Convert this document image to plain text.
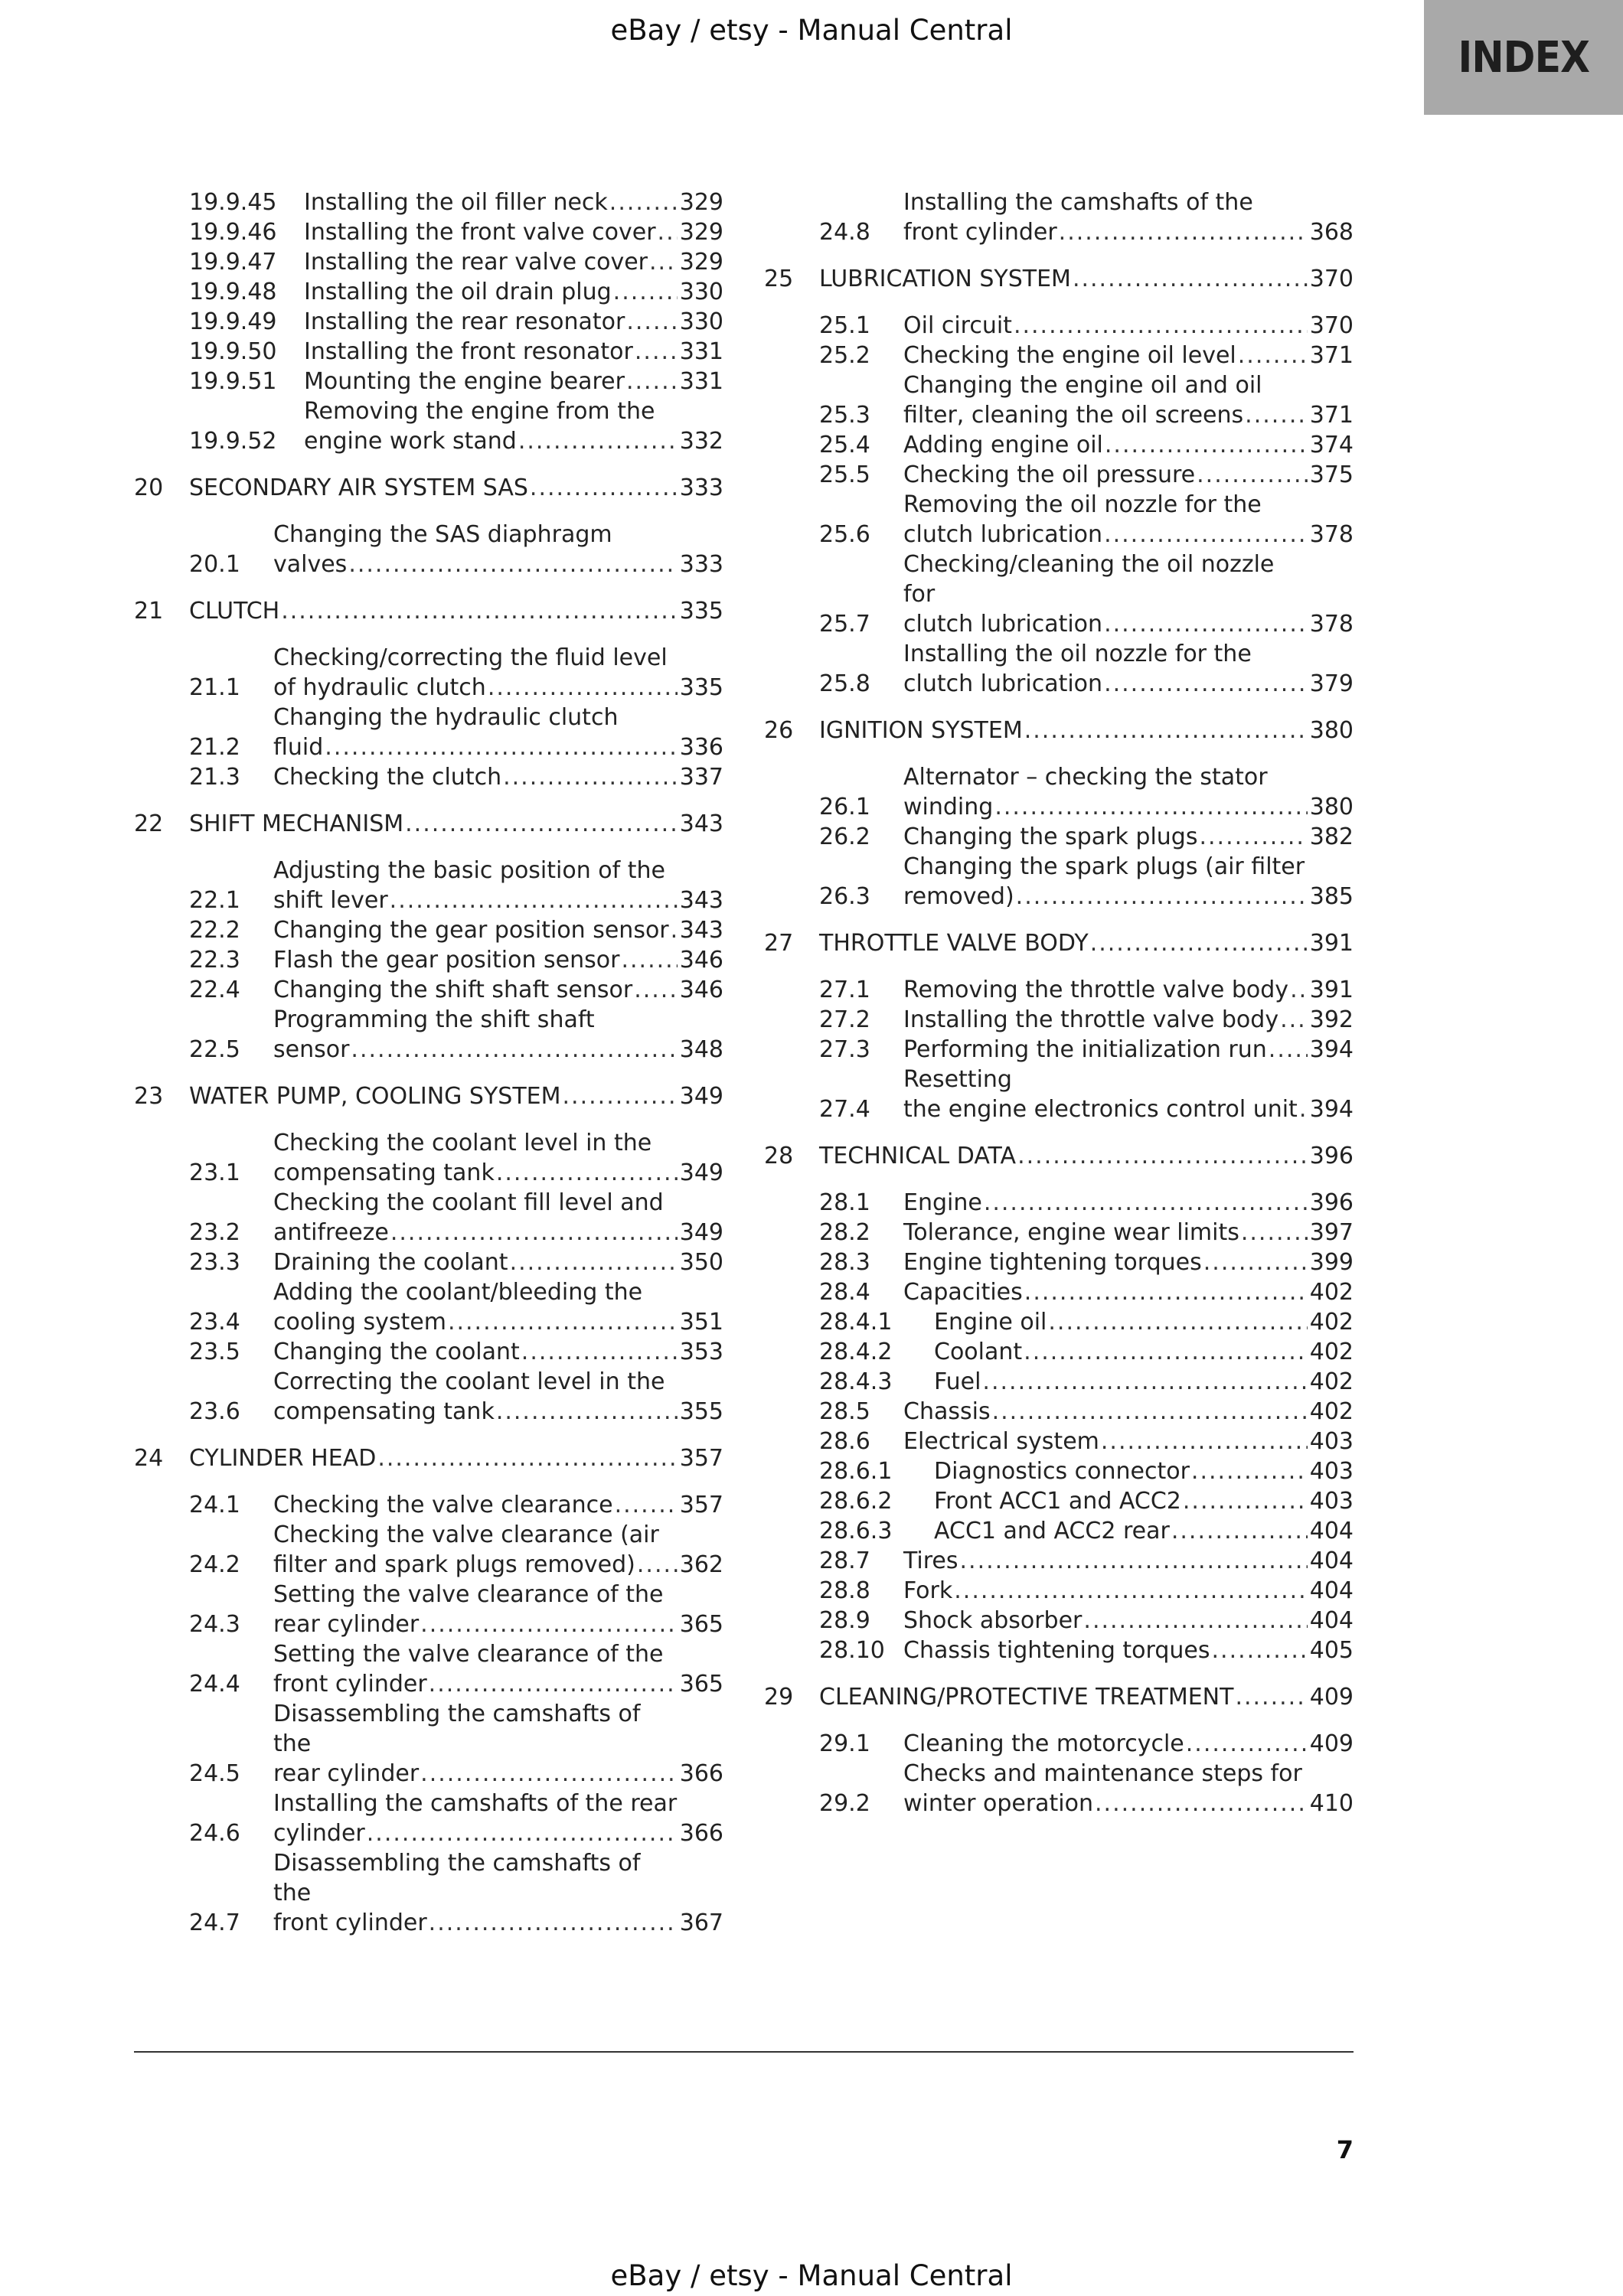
eBay / etsy - Manual Central
INDEX
19.9.45	Installing the oil filler neck .....	329
19.9.46	Installing the front valve cover ..... 329
19.9.47	Installing the rear valve cover ..... 329
19.9.48	Installing the oil drain plug .....	330
19.9.49	Installing the rear resonator ..... 330
19.9.50	Installing the front resonator ..... 331
19.9.51	Mounting the engine bearer ..... 331
19.9.52
Removing the engine from the
engine work stand .....	332
20	SECONDARY AIR SYSTEM SAS .....	333
20.1
Changing the SAS diaphragm
valves .....	333
21	CLUTCH .....	335
21.1
Checking/correcting the fluid level
of hydraulic clutch .....	335
21.2
Changing the hydraulic clutch
fluid .....	336
21.3	Checking the clutch .....	337
22	SHIFT MECHANISM .....	343
22.1
Adjusting the basic position of the
shift lever .....	343
22.2	Changing the gear position sensor ..... 343
22.3	Flash the gear position sensor .....	346
22.4	Changing the shift shaft sensor ..... 346
22.5
Programming the shift shaft
sensor .....	348
23	WATER PUMP, COOLING SYSTEM .....	349
23.1
Checking the coolant level in the
compensating tank .....	349
23.2
Checking the coolant fill level and
antifreeze .....	349
23.3	Draining the coolant .....	350
23.4
Adding the coolant/bleeding the
cooling system .....	351
23.5	Changing the coolant .....	353
23.6
Correcting the coolant level in the
compensating tank .....	355
24	CYLINDER HEAD .....	357
24.1	Checking the valve clearance .....	357
24.2
Checking the valve clearance (air
filter and spark plugs removed) ..... 362
24.3
Setting the valve clearance of the
rear cylinder .....	365
24.4
Setting the valve clearance of the
front cylinder .....	365
24.5
Disassembling the camshafts of the
rear cylinder .....	366
24.6
Installing the camshafts of the rear
cylinder .....	366
24.7
Disassembling the camshafts of the
front cylinder .....	367
24.8
Installing the camshafts of the
front cylinder .....	368
25	LUBRICATION SYSTEM .....	370
25.1	Oil circuit .....	370
25.2	Checking the engine oil level .....	371
25.3
Changing the engine oil and oil
filter, cleaning the oil screens .....	371
25.4	Adding engine oil .....	374
25.5	Checking the oil pressure .....	375
25.6
Removing the oil nozzle for the
clutch lubrication .....	378
25.7
Checking/cleaning the oil nozzle for
clutch lubrication .....	378
25.8
Installing the oil nozzle for the
clutch lubrication .....	379
26	IGNITION SYSTEM .....	380
26.1
Alternator – checking the stator
winding .....	380
26.2	Changing the spark plugs .....	382
26.3
Changing the spark plugs (air filter
removed) .....	385
27	THROTTLE VALVE BODY .....	391
27.1	Removing the throttle valve body ..... 391
27.2	Installing the throttle valve body ..... 392
27.3	Performing the initialization run ..... 394
27.4
Resetting
the engine electronics control unit ..... 394
28	TECHNICAL DATA .....	396
28.1	Engine .....	396
28.2	Tolerance, engine wear limits .....	397
28.3	Engine tightening torques .....	399
28.4	Capacities .....	402
28.4.1	Engine oil .....	402
28.4.2	Coolant .....	402
28.4.3	Fuel .....	402
28.5	Chassis .....	402
28.6	Electrical system .....	403
28.6.1	Diagnostics connector .....	403
28.6.2	Front ACC1 and ACC2 .....	403
28.6.3	ACC1 and ACC2 rear .....	404
28.7	Tires .....	404
28.8	Fork .....	404
28.9	Shock absorber .....	404
28.10 Chassis tightening torques .....	405
29	CLEANING/PROTECTIVE TREATMENT .....	409
29.1	Cleaning the motorcycle .....	409
29.2
Checks and maintenance steps for
winter operation .....	410
7
eBay / etsy - Manual Central
